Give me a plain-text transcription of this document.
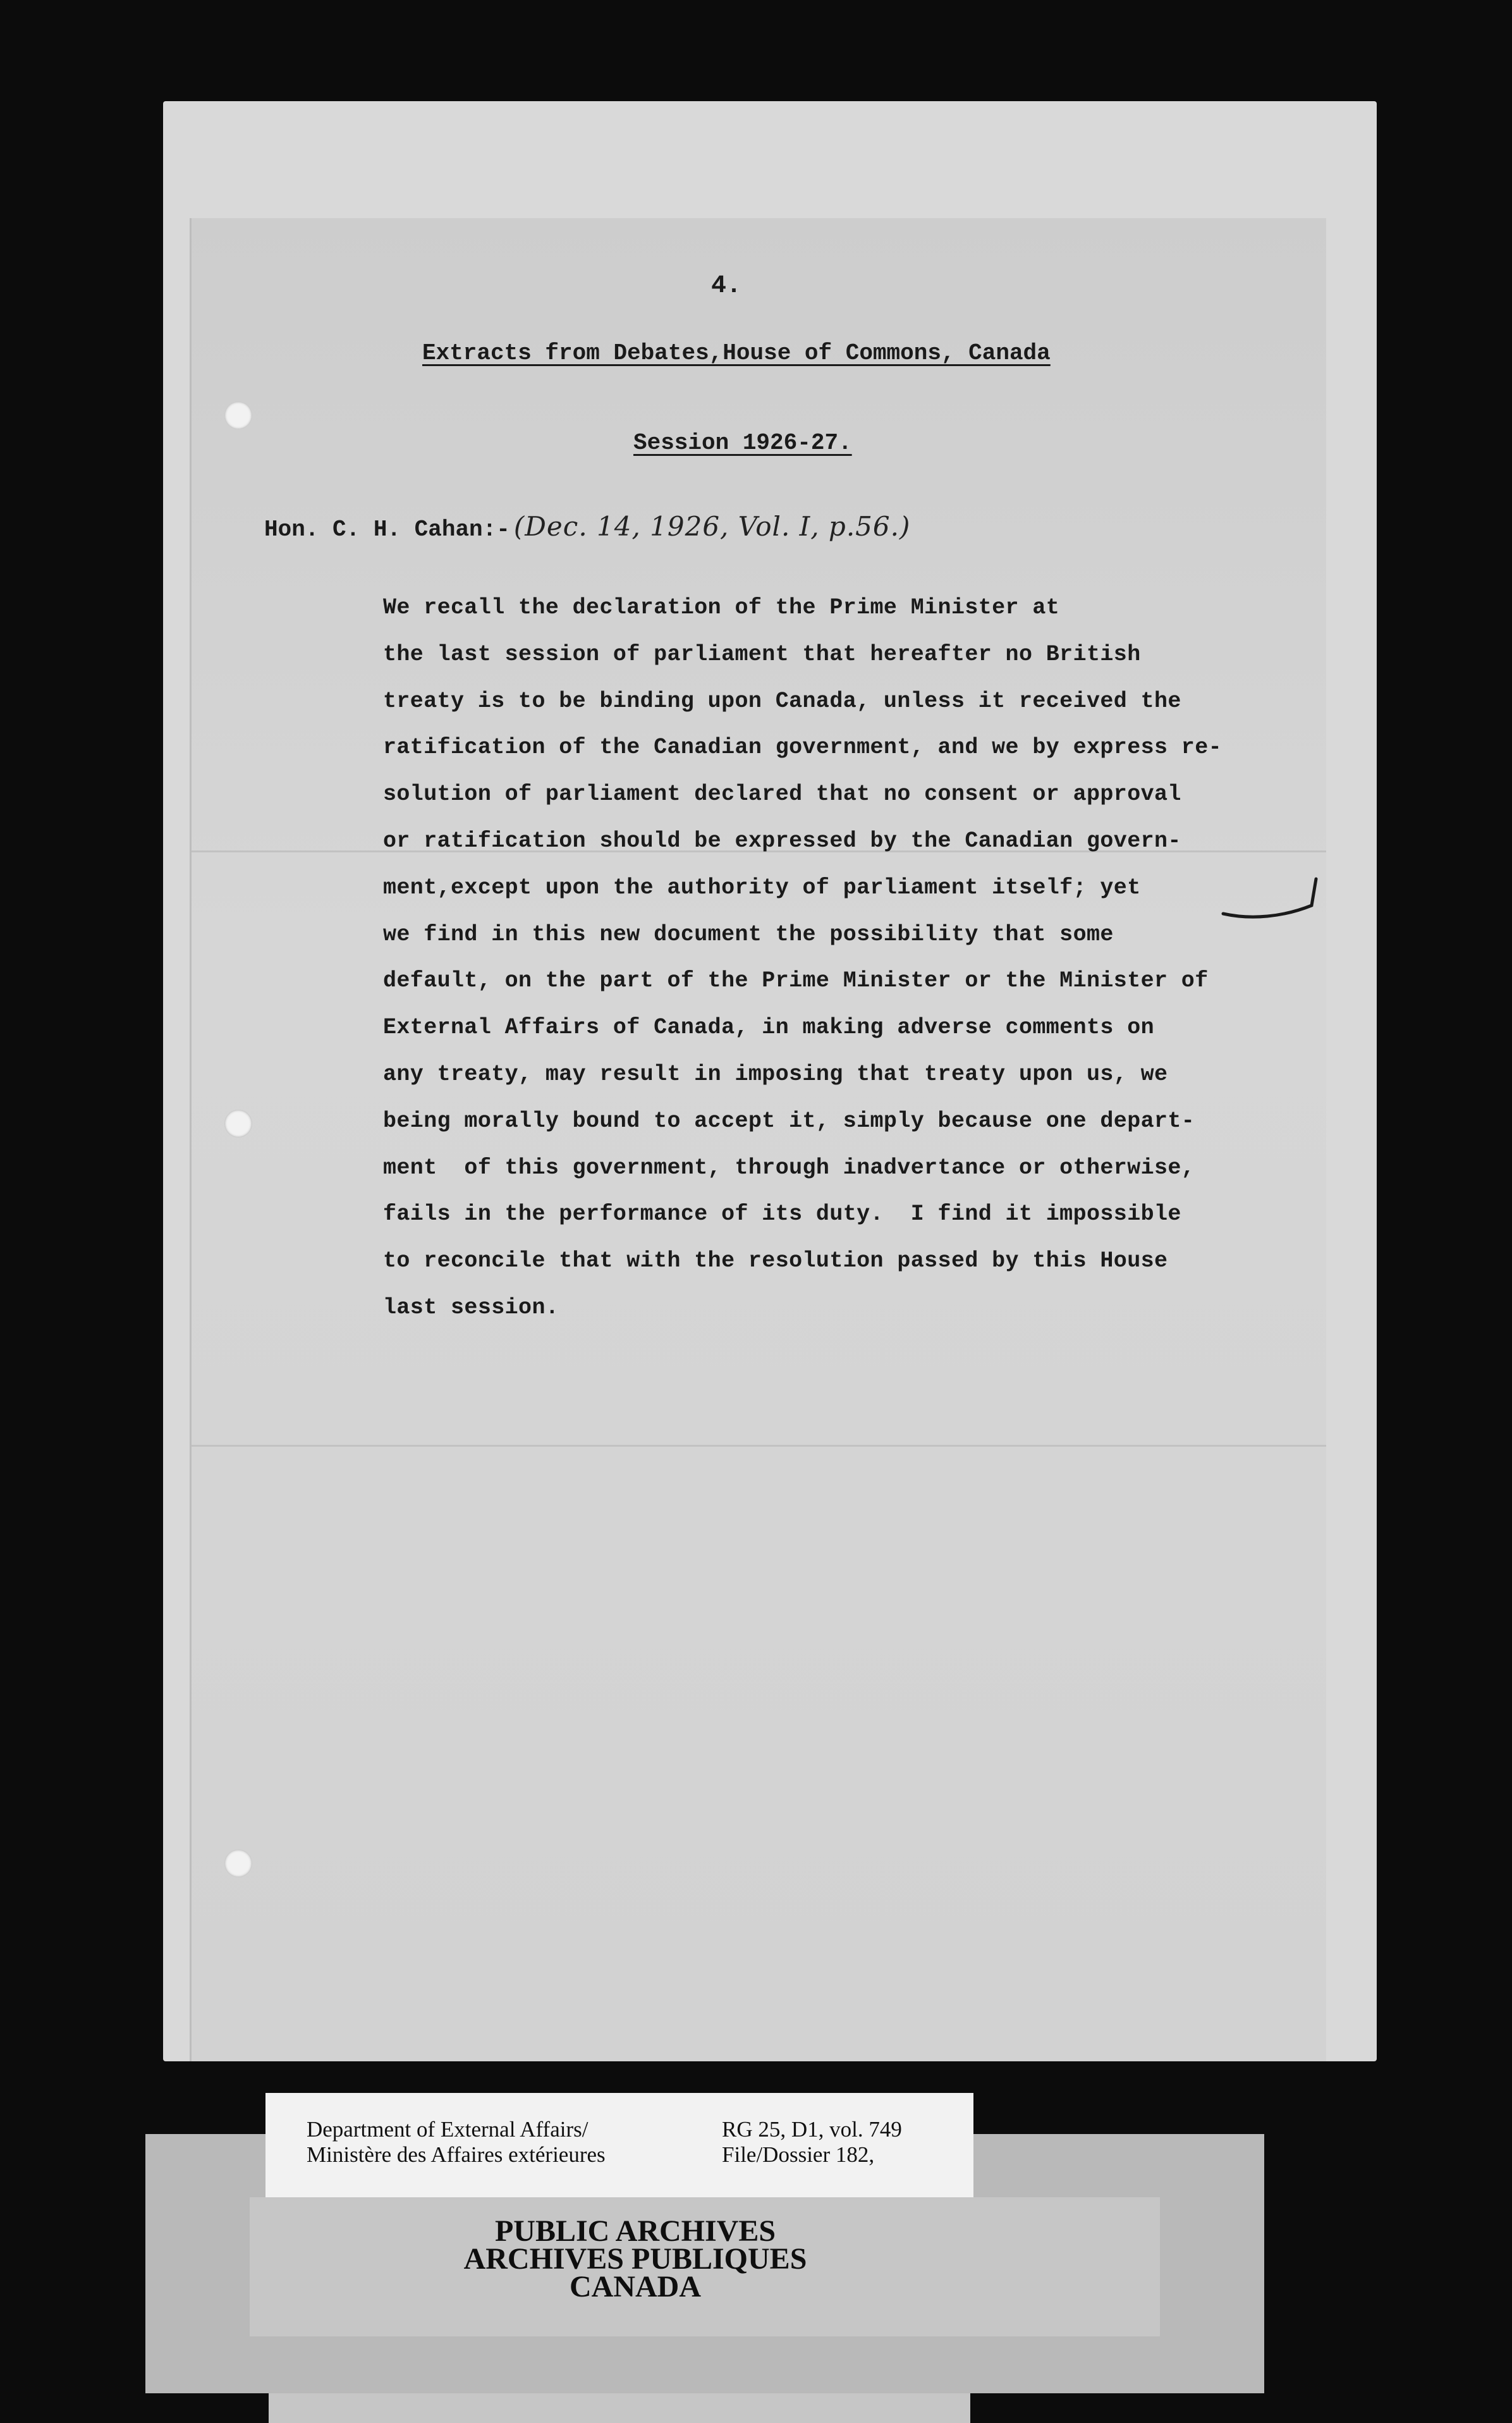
4.
Extracts from Debates,House of Commons, Canada
Session 1926-27.
Hon. C. H. Cahan:- (Dec. 14, 1926, Vol. I, p.56.)
We recall the declaration of the Prime Minister at
the last session of parliament that hereafter no British
treaty is to be binding upon Canada, unless it received the
ratification of the Canadian government, and we by express re-
solution of parliament declared that no consent or approval
or ratification should be expressed by the Canadian govern-
ment,except upon the authority of parliament itself; yet
we find in this new document the possibility that some
default, on the part of the Prime Minister or the Minister of
External Affairs of Canada, in making adverse comments on
any treaty, may result in imposing that treaty upon us, we
being morally bound to accept it, simply because one depart-
ment  of this government, through inadvertance or otherwise,
fails in the performance of its duty.  I find it impossible
to reconcile that with the resolution passed by this House
last session.
Department of External Affairs/
Ministère des Affaires extérieures
RG 25, D1, vol. 749
File/Dossier 182,
PUBLIC ARCHIVES
ARCHIVES PUBLIQUES
CANADA
